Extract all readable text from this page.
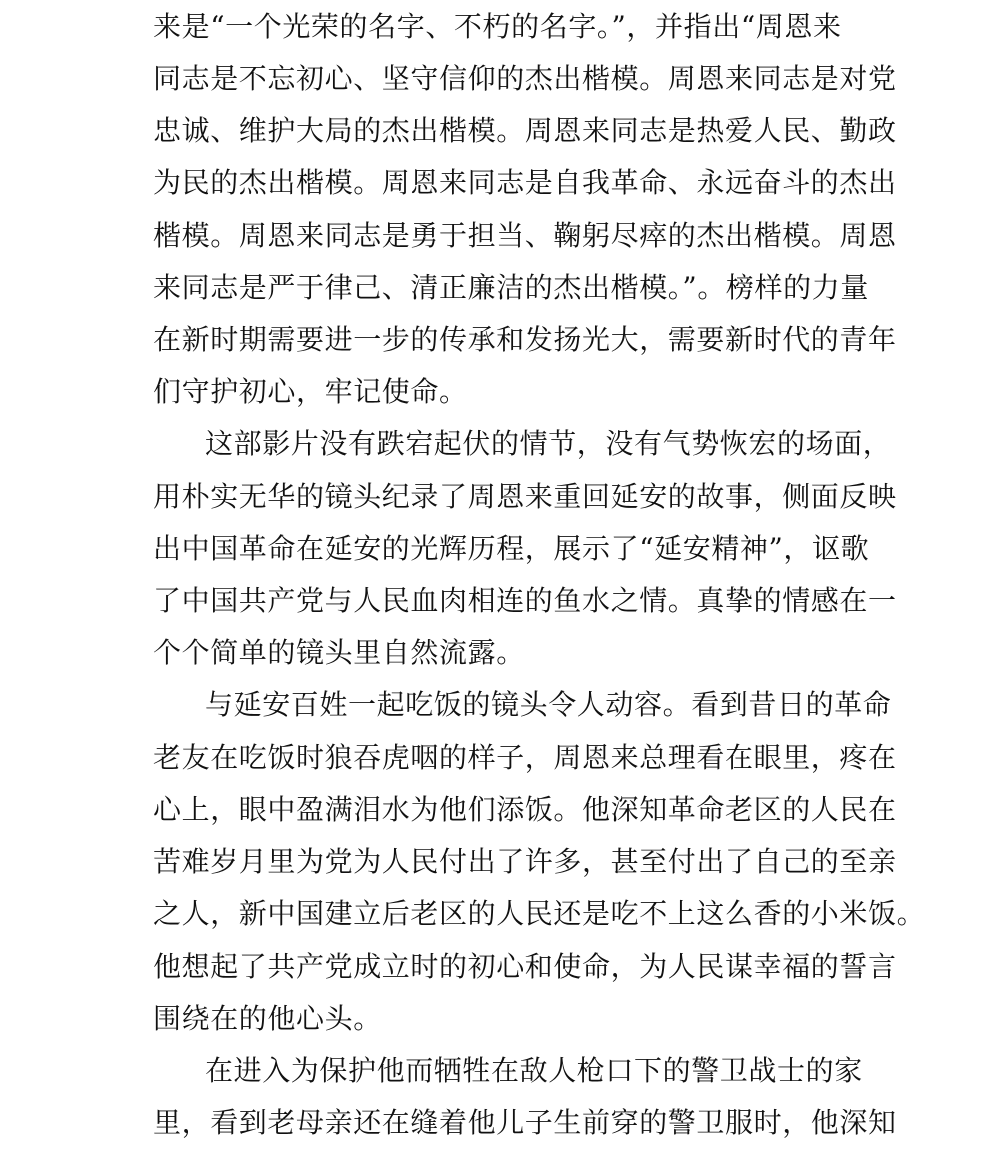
来是“一个光荣的名字、不朽的名字。”，并指出“周恩来
同志是不忘初心、坚守信仰的杰出楷模。周恩来同志是对党
忠诚、维护大局的杰出楷模。周恩来同志是热爱人民、勤政
为民的杰出楷模。周恩来同志是自我革命、永远奋斗的杰出
楷模。周恩来同志是勇于担当、鞠躬尽瘁的杰出楷模。周恩
来同志是严于律己、清正廉洁的杰出楷模。”。榜样的力量
在新时期需要进一步的传承和发扬光大，需要新时代的青年
们守护初心，牢记使命。
这部影片没有跌宕起伏的情节，没有气势恢宏的场面，
用朴实无华的镜头纪录了周恩来重回延安的故事，侧面反映
出中国革命在延安的光辉历程，展示了“延安精神”，讴歌
了中国共产党与人民血肉相连的鱼水之情。真挚的情感在一
个个简单的镜头里自然流露。
与延安百姓一起吃饭的镜头令人动容。看到昔日的革命
老友在吃饭时狼吞虎咽的样子，周恩来总理看在眼里，疼在
心上，眼中盈满泪水为他们添饭。他深知革命老区的人民在
苦难岁月里为党为人民付出了许多，甚至付出了自己的至亲
之人，新中国建立后老区的人民还是吃不上这么香的小米饭。
他想起了共产党成立时的初心和使命，为人民谋幸福的誓言
围绕在的他心头。
在进入为保护他而牺牲在敌人枪口下的警卫战士的家
里，看到老母亲还在缝着他儿子生前穿的警卫服时，他深知
